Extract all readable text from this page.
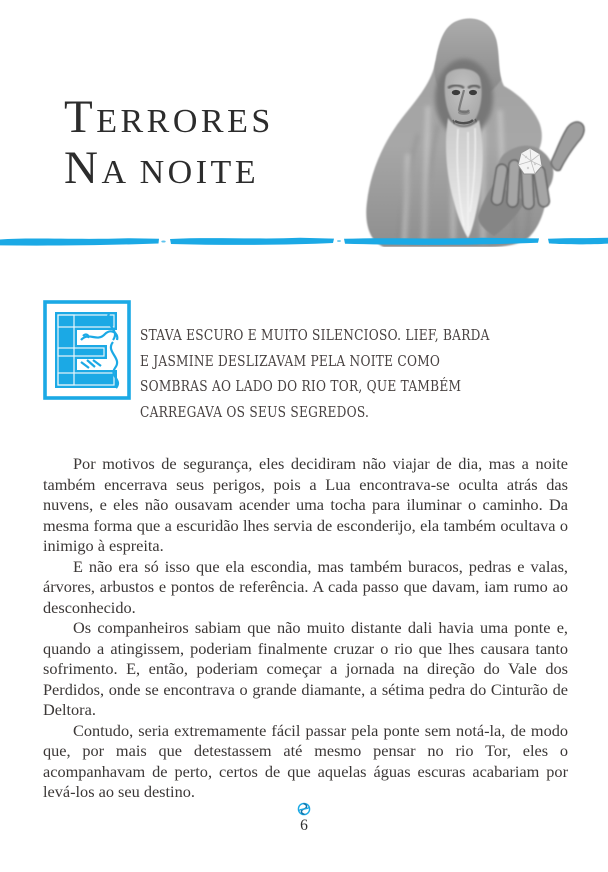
TERRORES
NA NOITE
STAVA ESCURO E MUITO SILENCIOSO. LIEF, BARDA E JASMINE DESLIZAVAM PELA NOITE COMO SOMBRAS AO LADO DO RIO TOR, QUE TAMBÉM CARREGAVA OS SEUS SEGREDOS.

Por motivos de segurança, eles decidiram não viajar de dia, mas a noite também encerrava seus perigos, pois a Lua encontrava-se oculta atrás das nuvens, e eles não ousavam acender uma tocha para iluminar o caminho. Da mesma forma que a escuridão lhes servia de esconderijo, ela também ocultava o inimigo à espreita.

E não era só isso que ela escondia, mas também buracos, pedras e valas, árvores, arbustos e pontos de referência. A cada passo que davam, iam rumo ao desconhecido.

Os companheiros sabiam que não muito distante dali havia uma ponte e, quando a atingissem, poderiam finalmente cruzar o rio que lhes causara tanto sofrimento. E, então, poderiam começar a jornada na direção do Vale dos Perdidos, onde se encontrava o grande diamante, a sétima pedra do Cinturão de Deltora.

Contudo, seria extremamente fácil passar pela ponte sem notá-la, de modo que, por mais que detestassem até mesmo pensar no rio Tor, eles o acompanhavam de perto, certos de que aquelas águas escuras acabariam por levá-los ao seu destino.

6
